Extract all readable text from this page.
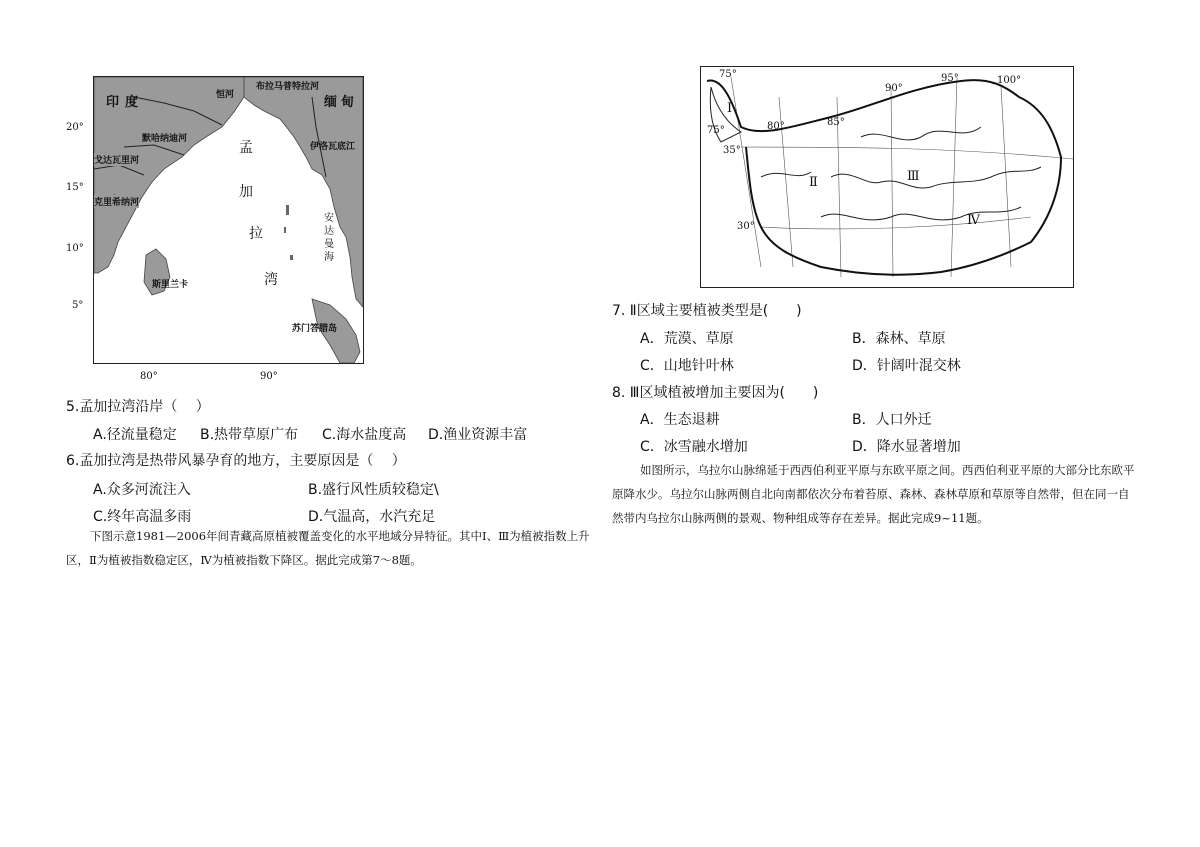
印度	缅甸
恒河
布拉马普特拉河
默哈纳迪河
戈达瓦里河
克里希纳河
伊洛瓦底江
斯里兰卡
苏门答腊岛
孟
加
拉
湾
安
达
曼
海
20°
15°
10°
5°
80°	90°
5.孟加拉湾沿岸（　 ）
A.径流量稳定 B.热带草原广布 C.海水盐度高 D.渔业资源丰富
6.孟加拉湾是热带风暴孕育的地方，主要原因是（　 ）
A.众多河流注入	B.盛行风性质较稳定\
C.终年高温多雨	D.气温高，水汽充足
下图示意1981—2006年间青藏高原植被覆盖变化的水平地域分异特征。其中Ⅰ、Ⅲ为植被指数上升区，Ⅱ为植被指数稳定区，Ⅳ为植被指数下降区。据此完成第7～8题。
75°
80°	85°
90°
95°	100°
75°
35°
30°
Ⅰ
Ⅱ	Ⅲ
Ⅳ
7. Ⅱ区域主要植被类型是(　　)
A．荒漠、草原	B．森林、草原
C．山地针叶林	D．针阔叶混交林
8. Ⅲ区域植被增加主要因为(　　)
A．生态退耕	B．人口外迁
C．冰雪融水增加	D．降水显著增加
如图所示，乌拉尔山脉绵延于西西伯利亚平原与东欧平原之间。西西伯利亚平原的大部分比东欧平原降水少。乌拉尔山脉两侧自北向南都依次分布着苔原、森林、森林草原和草原等自然带，但在同一自然带内乌拉尔山脉两侧的景观、物种组成等存在差异。据此完成9~11题。
